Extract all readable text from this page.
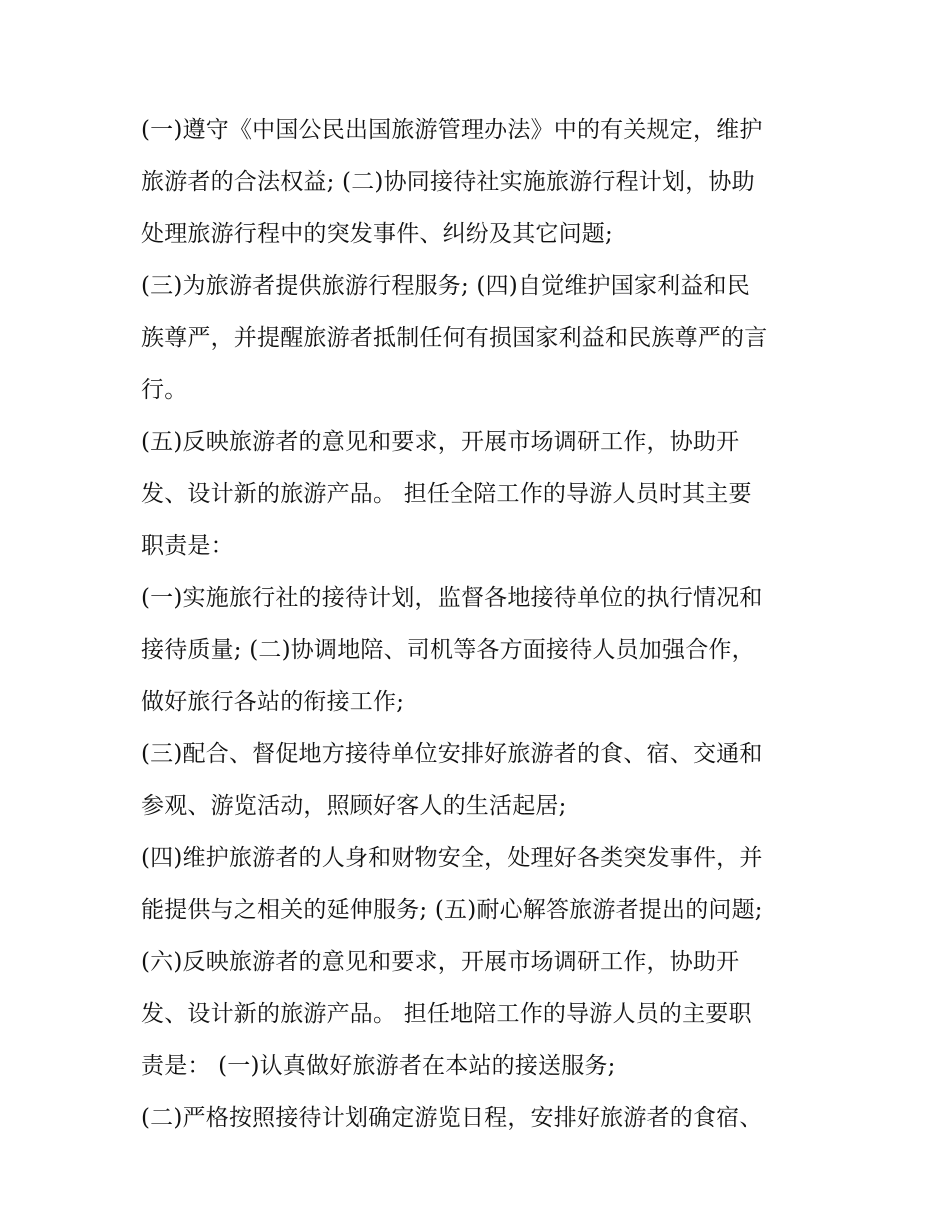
(一)遵守《中国公民出国旅游管理办法》中的有关规定，维护
旅游者的合法权益; (二)协同接待社实施旅游行程计划，协助
处理旅游行程中的突发事件、纠纷及其它问题;
(三)为旅游者提供旅游行程服务; (四)自觉维护国家利益和民
族尊严，并提醒旅游者抵制任何有损国家利益和民族尊严的言
行。
(五)反映旅游者的意见和要求，开展市场调研工作，协助开
发、设计新的旅游产品。 担任全陪工作的导游人员时其主要
职责是：
(一)实施旅行社的接待计划，监督各地接待单位的执行情况和
接待质量; (二)协调地陪、司机等各方面接待人员加强合作，
做好旅行各站的衔接工作;
(三)配合、督促地方接待单位安排好旅游者的食、宿、交通和
参观、游览活动，照顾好客人的生活起居;
(四)维护旅游者的人身和财物安全，处理好各类突发事件，并
能提供与之相关的延伸服务; (五)耐心解答旅游者提出的问题;
(六)反映旅游者的意见和要求，开展市场调研工作，协助开
发、设计新的旅游产品。 担任地陪工作的导游人员的主要职
责是： (一)认真做好旅游者在本站的接送服务;
(二)严格按照接待计划确定游览日程，安排好旅游者的食宿、
